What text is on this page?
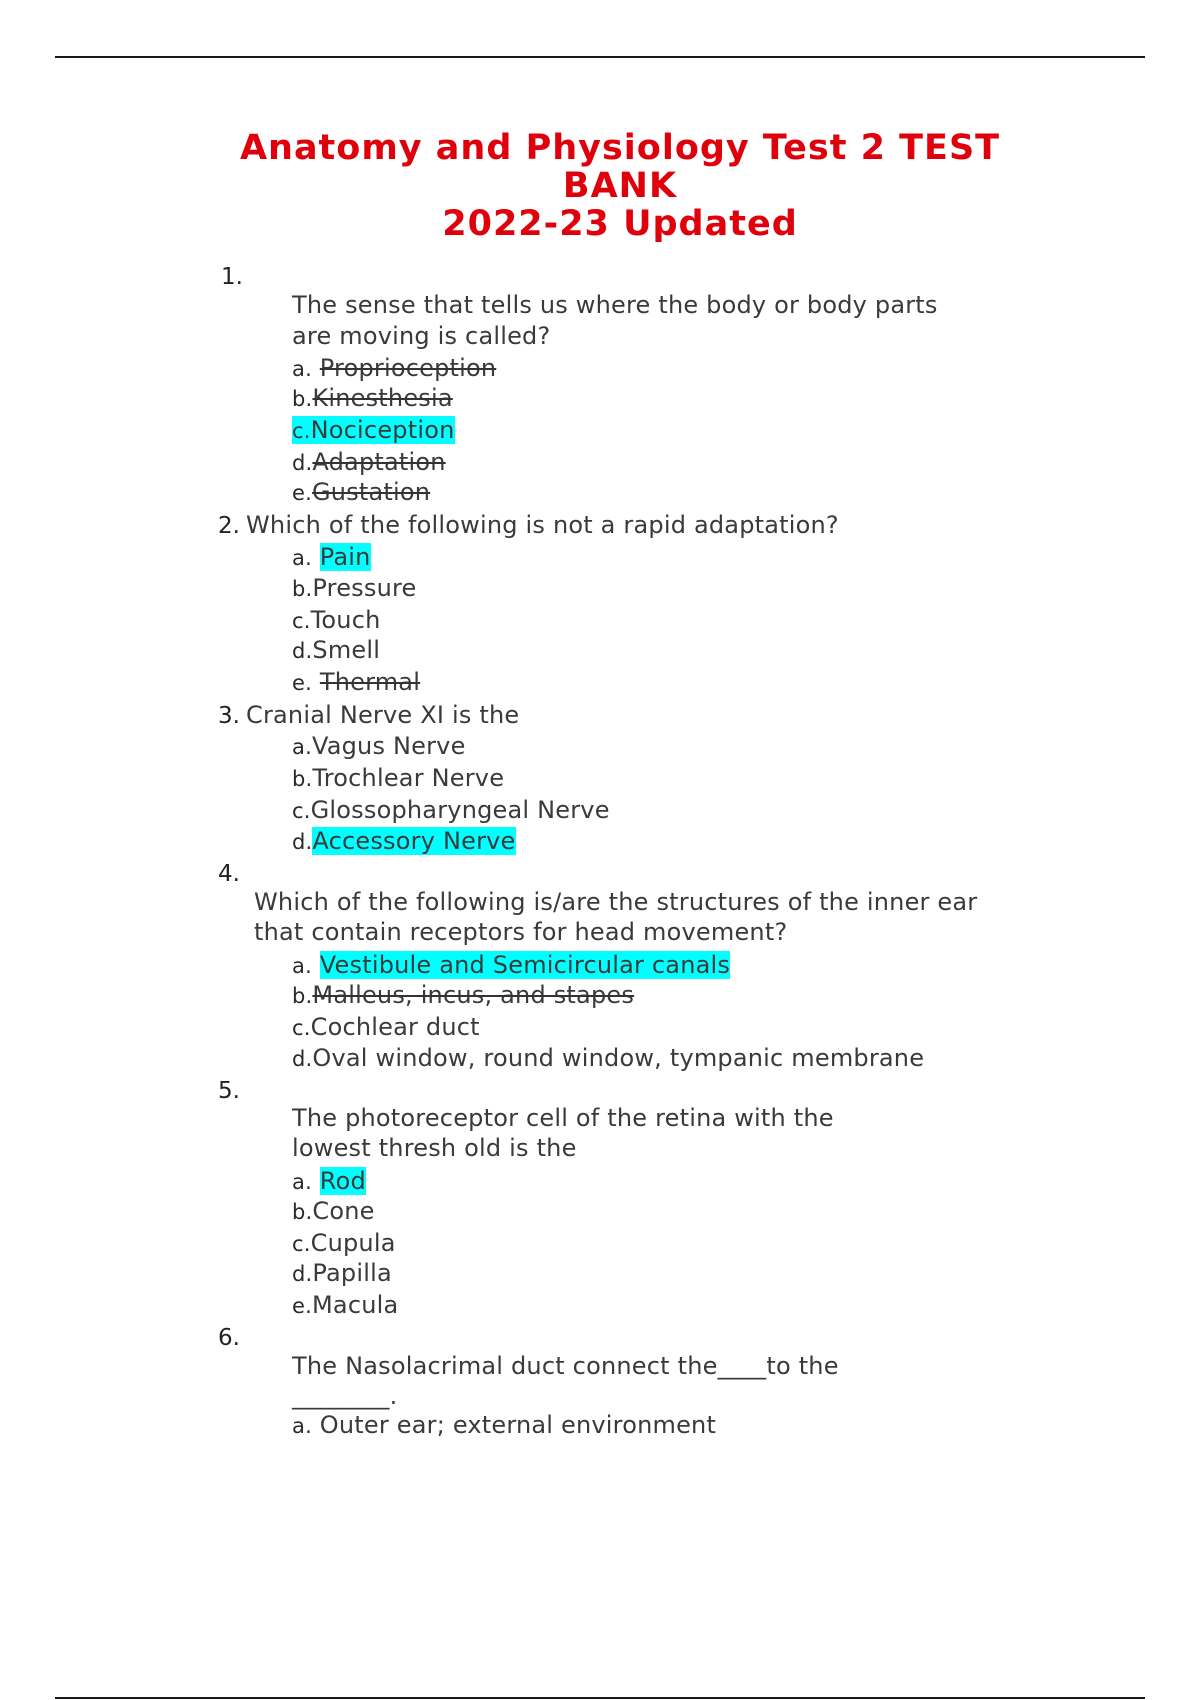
Anatomy and Physiology Test 2 TEST
BANK
2022-23 Updated
1.
The sense that tells us where the body or body parts
are moving is called?
a. Proprioception
b.Kinesthesia
c.Nociception
d.Adaptation
e.Gustation
2. Which of the following is not a rapid adaptation?
a. Pain
b.Pressure
c.Touch
d.Smell
e. Thermal
3. Cranial Nerve XI is the
a.Vagus Nerve
b.Trochlear Nerve
c.Glossopharyngeal Nerve
d.Accessory Nerve
4.
Which of the following is/are the structures of the inner ear
that contain receptors for head movement?
a. Vestibule and Semicircular canals
b.Malleus, incus, and stapes
c.Cochlear duct
d.Oval window, round window, tympanic membrane
5.
The photoreceptor cell of the retina with the
lowest thresh old is the
a. Rod
b.Cone
c.Cupula
d.Papilla
e.Macula
6.
The Nasolacrimal duct connect the____to the
________.
a. Outer ear; external environment
